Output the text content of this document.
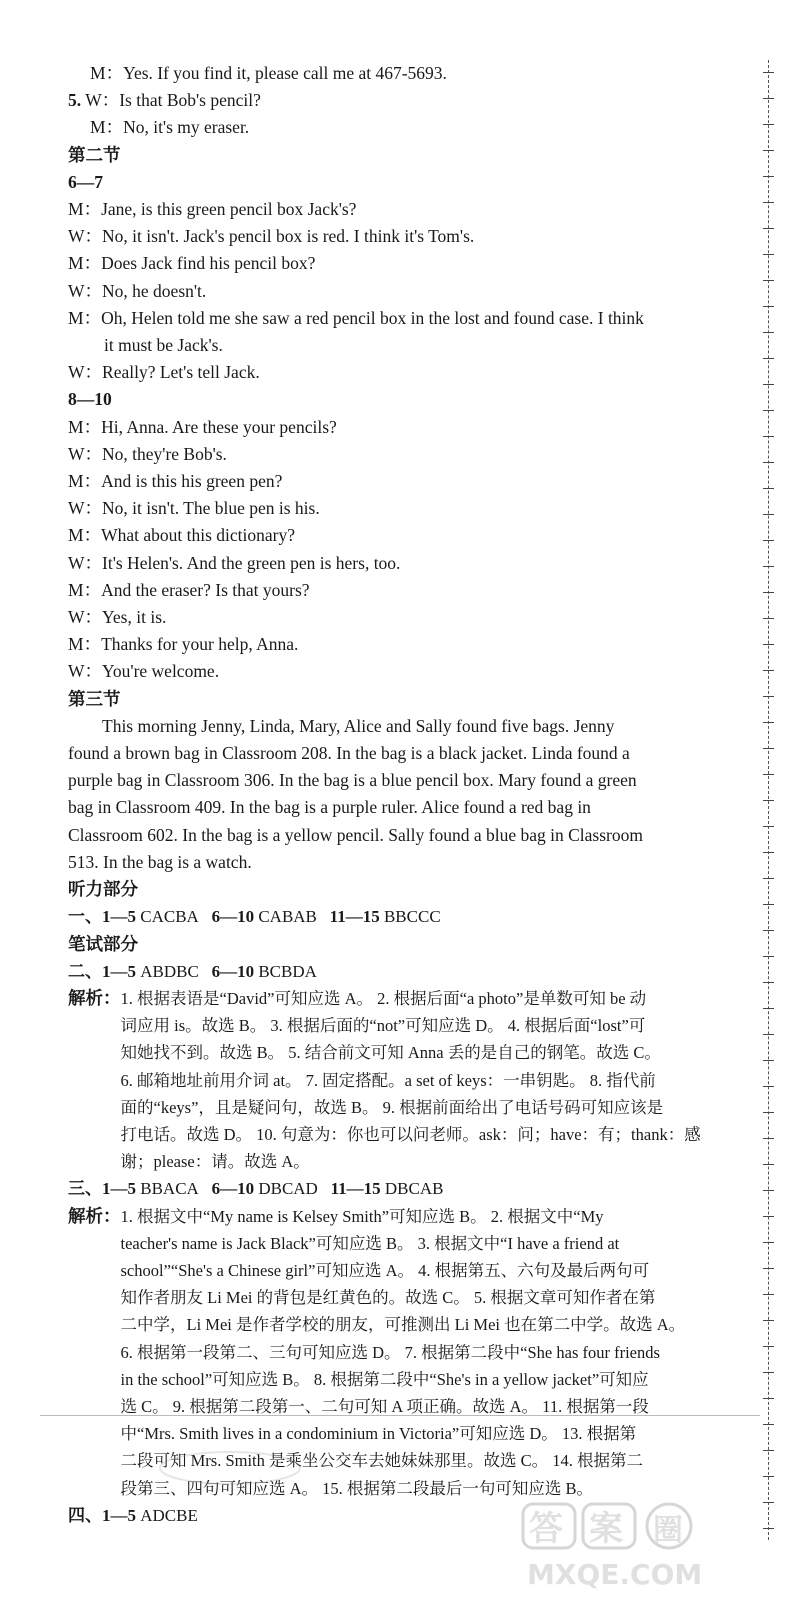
M：Yes. If you find it, please call me at 467-5693.
5. W：Is that Bob's pencil?
M：No, it's my eraser.
第二节
6—7
M：Jane, is this green pencil box Jack's?
W：No, it isn't. Jack's pencil box is red. I think it's Tom's.
M：Does Jack find his pencil box?
W：No, he doesn't.
M：Oh, Helen told me she saw a red pencil box in the lost and found case. I think
it must be Jack's.
W：Really? Let's tell Jack.
8—10
M：Hi, Anna. Are these your pencils?
W：No, they're Bob's.
M：And is this his green pen?
W：No, it isn't. The blue pen is his.
M：What about this dictionary?
W：It's Helen's. And the green pen is hers, too.
M：And the eraser? Is that yours?
W：Yes, it is.
M：Thanks for your help, Anna.
W：You're welcome.
第三节
This morning Jenny, Linda, Mary, Alice and Sally found five bags. Jenny
found a brown bag in Classroom 208. In the bag is a black jacket. Linda found a
purple bag in Classroom 306. In the bag is a blue pencil box. Mary found a green
bag in Classroom 409. In the bag is a purple ruler. Alice found a red bag in
Classroom 602. In the bag is a yellow pencil. Sally found a blue bag in Classroom
513. In the bag is a watch.
听力部分
一、1—5 CACBA 6—10 CABAB 11—15 BBCCC
笔试部分
二、1—5 ABDBC 6—10 BCBDA
解析： 1. 根据表语是“David”可知应选 A。 2. 根据后面“a photo”是单数可知 be 动
词应用 is。故选 B。 3. 根据后面的“not”可知应选 D。 4. 根据后面“lost”可
知她找不到。故选 B。 5. 结合前文可知 Anna 丢的是自己的钢笔。故选 C。
6. 邮箱地址前用介词 at。 7. 固定搭配。a set of keys：一串钥匙。 8. 指代前
面的“keys”，且是疑问句，故选 B。 9. 根据前面给出了电话号码可知应该是
打电话。故选 D。 10. 句意为：你也可以问老师。ask：问；have：有；thank：感
谢；please：请。故选 A。
三、1—5 BBACA 6—10 DBCAD 11—15 DBCAB
解析： 1. 根据文中“My name is Kelsey Smith”可知应选 B。 2. 根据文中“My
teacher's name is Jack Black”可知应选 B。 3. 根据文中“I have a friend at
school”“She's a Chinese girl”可知应选 A。 4. 根据第五、六句及最后两句可
知作者朋友 Li Mei 的背包是红黄色的。故选 C。 5. 根据文章可知作者在第
二中学，Li Mei 是作者学校的朋友，可推测出 Li Mei 也在第二中学。故选 A。
6. 根据第一段第二、三句可知应选 D。 7. 根据第二段中“She has four friends
in the school”可知应选 B。 8. 根据第二段中“She's in a yellow jacket”可知应
选 C。 9. 根据第二段第一、二句可知 A 项正确。故选 A。 11. 根据第一段
中“Mrs. Smith lives in a condominium in Victoria”可知应选 D。 13. 根据第
二段可知 Mrs. Smith 是乘坐公交车去她妹妹那里。故选 C。 14. 根据第二
段第三、四句可知应选 A。 15. 根据第二段最后一句可知应选 B。
四、1—5 ADCBE	答 案 圈
MXQE.COM
